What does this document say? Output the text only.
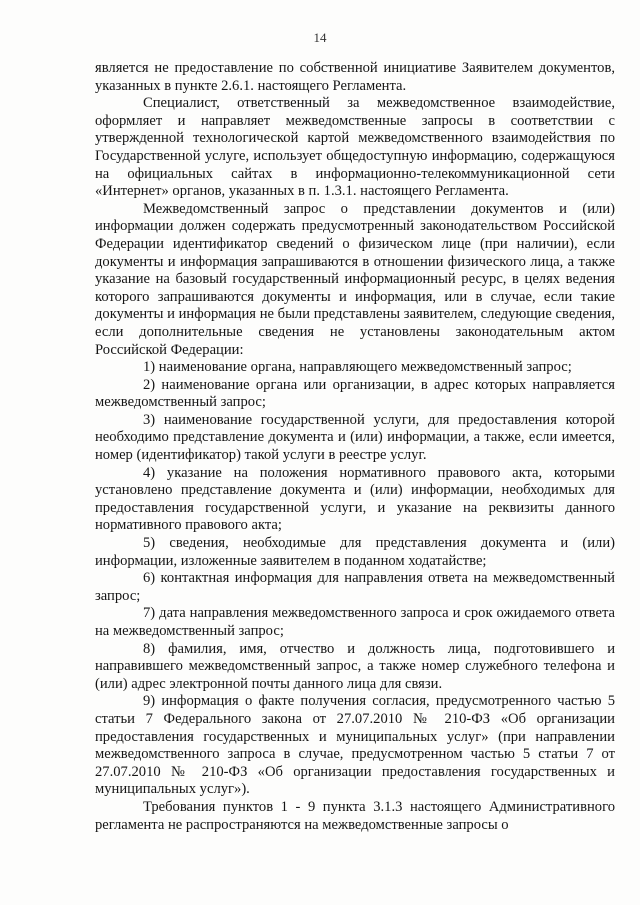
14

является не предоставление по собственной инициативе Заявителем документов, указанных в пункте 2.6.1. настоящего Регламента.

Специалист, ответственный за межведомственное взаимодействие, оформляет и направляет межведомственные запросы в соответствии с утвержденной технологической картой межведомственного взаимодействия по Государственной услуге, использует общедоступную информацию, содержащуюся на официальных сайтах в информационно-телекоммуникационной сети «Интернет» органов, указанных в п. 1.3.1. настоящего Регламента.

Межведомственный запрос о представлении документов и (или) информации должен содержать предусмотренный законодательством Российской Федерации идентификатор сведений о физическом лице (при наличии), если документы и информация запрашиваются в отношении физического лица, а также указание на базовый государственный информационный ресурс, в целях ведения которого запрашиваются документы и информация, или в случае, если такие документы и информация не были представлены заявителем, следующие сведения, если дополнительные сведения не установлены законодательным актом Российской Федерации:

1) наименование органа, направляющего межведомственный запрос;

2) наименование органа или организации, в адрес которых направляется межведомственный запрос;

3) наименование государственной услуги, для предоставления которой необходимо представление документа и (или) информации, а также, если имеется, номер (идентификатор) такой услуги в реестре услуг.

4) указание на положения нормативного правового акта, которыми установлено представление документа и (или) информации, необходимых для предоставления государственной услуги, и указание на реквизиты данного нормативного правового акта;

5) сведения, необходимые для представления документа и (или) информации, изложенные заявителем в поданном ходатайстве;

6) контактная информация для направления ответа на межведомственный запрос;

7) дата направления межведомственного запроса и срок ожидаемого ответа на межведомственный запрос;

8) фамилия, имя, отчество и должность лица, подготовившего и направившего межведомственный запрос, а также номер служебного телефона и (или) адрес электронной почты данного лица для связи.

9) информация о факте получения согласия, предусмотренного частью 5 статьи 7 Федерального закона от 27.07.2010 № 210-ФЗ «Об организации предоставления государственных и муниципальных услуг» (при направлении межведомственного запроса в случае, предусмотренном частью 5 статьи 7 от 27.07.2010 № 210-ФЗ «Об организации предоставления государственных и муниципальных услуг»).

Требования пунктов 1 - 9 пункта 3.1.3 настоящего Административного регламента не распространяются на межведомственные запросы о
